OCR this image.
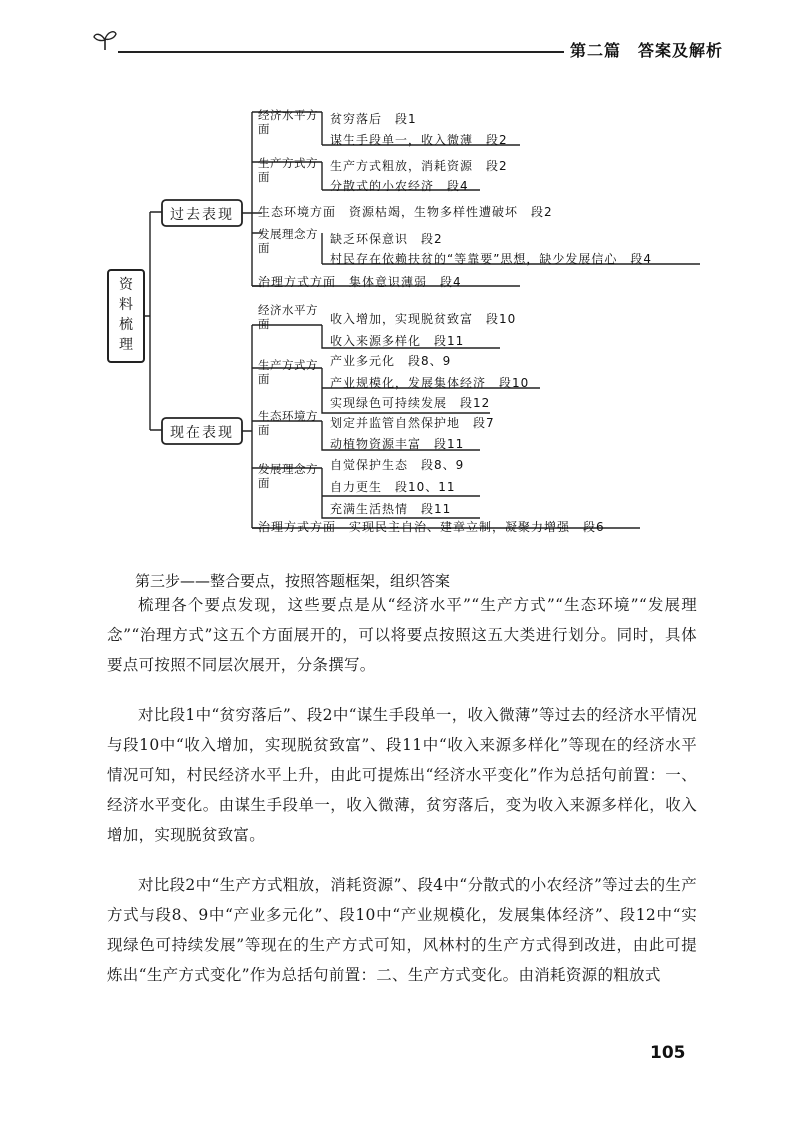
第二篇　答案及解析
资料梳理
过去表现
经济水平方面
贫穷落后　段1
谋生手段单一，收入微薄　段2
生产方式方面
生产方式粗放，消耗资源　段2
分散式的小农经济　段4
生态环境方面　资源枯竭，生物多样性遭破坏　段2
发展理念方面
缺乏环保意识　段2
村民存在依赖扶贫的“等靠要”思想，缺少发展信心　段4
治理方式方面　集体意识薄弱　段4
现在表现
经济水平方面	收入增加，实现脱贫致富　段10
收入来源多样化　段11
生产方式方面
产业多元化　段8、9
产业规模化，发展集体经济　段10
实现绿色可持续发展　段12
生态环境方面	划定并监管自然保护地　段7
动植物资源丰富　段11
发展理念方面
自觉保护生态　段8、9
自力更生　段10、11
充满生活热情　段11
治理方式方面　实现民主自治、建章立制，凝聚力增强　段6
第三步——整合要点，按照答题框架，组织答案

梳理各个要点发现，这些要点是从“经济水平”“生产方式”“生态环境”“发展理念”“治理方式”这五个方面展开的，可以将要点按照这五大类进行划分。同时，具体要点可按照不同层次展开，分条撰写。

对比段1中“贫穷落后”、段2中“谋生手段单一，收入微薄”等过去的经济水平情况与段10中“收入增加，实现脱贫致富”、段11中“收入来源多样化”等现在的经济水平情况可知，村民经济水平上升，由此可提炼出“经济水平变化”作为总括句前置：一、经济水平变化。由谋生手段单一，收入微薄，贫穷落后，变为收入来源多样化，收入增加，实现脱贫致富。

对比段2中“生产方式粗放，消耗资源”、段4中“分散式的小农经济”等过去的生产方式与段8、9中“产业多元化”、段10中“产业规模化，发展集体经济”、段12中“实现绿色可持续发展”等现在的生产方式可知，风林村的生产方式得到改进，由此可提炼出“生产方式变化”作为总括句前置：二、生产方式变化。由消耗资源的粗放式

105
